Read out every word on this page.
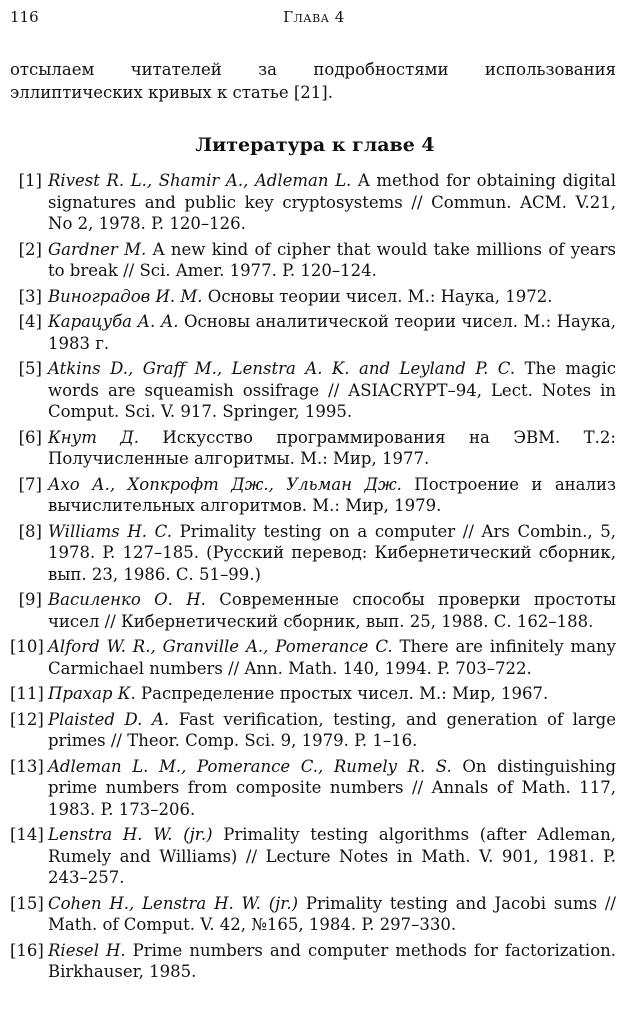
116	Глава 4
отсылаем читателей за подробностями использования эллиптических кривых к статье [21].
Литература к главе 4
[1] Rivest R. L., Shamir A., Adleman L. A method for obtaining digital signatures and public key cryptosystems // Commun. ACM. V.21, No 2, 1978. P. 120–126.
[2] Gardner M. A new kind of cipher that would take millions of years to break // Sci. Amer. 1977. P. 120–124.
[3] Виноградов И. М. Основы теории чисел. М.: Наука, 1972.
[4] Карацуба А. А. Основы аналитической теории чисел. М.: Наука, 1983 г.
[5] Atkins D., Graff M., Lenstra A. K. and Leyland P. C. The magic words are squeamish ossifrage // ASIACRYPT–94, Lect. Notes in Comput. Sci. V. 917. Springer, 1995.
[6] Кнут Д. Искусство программирования на ЭВМ. Т.2: Получисленные алгоритмы. М.: Мир, 1977.
[7] Ахо А., Хопкрофт Дж., Ульман Дж. Построение и анализ вычислительных алгоритмов. М.: Мир, 1979.
[8] Williams H. C. Primality testing on a computer // Ars Combin., 5, 1978. P. 127–185. (Русский перевод: Кибернетический сборник, вып. 23, 1986. С. 51–99.)
[9] Василенко О. Н. Современные способы проверки простоты чисел // Кибернетический сборник, вып. 25, 1988. С. 162–188.
[10] Alford W. R., Granville A., Pomerance C. There are infinitely many Carmichael numbers // Ann. Math. 140, 1994. P. 703–722.
[11] Прахар К. Распределение простых чисел. М.: Мир, 1967.
[12] Plaisted D. A. Fast verification, testing, and generation of large primes // Theor. Comp. Sci. 9, 1979. P. 1–16.
[13] Adleman L. M., Pomerance C., Rumely R. S. On distinguishing prime numbers from composite numbers // Annals of Math. 117, 1983. P. 173–206.
[14] Lenstra H. W. (jr.) Primality testing algorithms (after Adleman, Rumely and Williams) // Lecture Notes in Math. V. 901, 1981. P. 243–257.
[15] Cohen H., Lenstra H. W. (jr.) Primality testing and Jacobi sums // Math. of Comput. V. 42, №165, 1984. P. 297–330.
[16] Riesel H. Prime numbers and computer methods for factorization. Birkhauser, 1985.
